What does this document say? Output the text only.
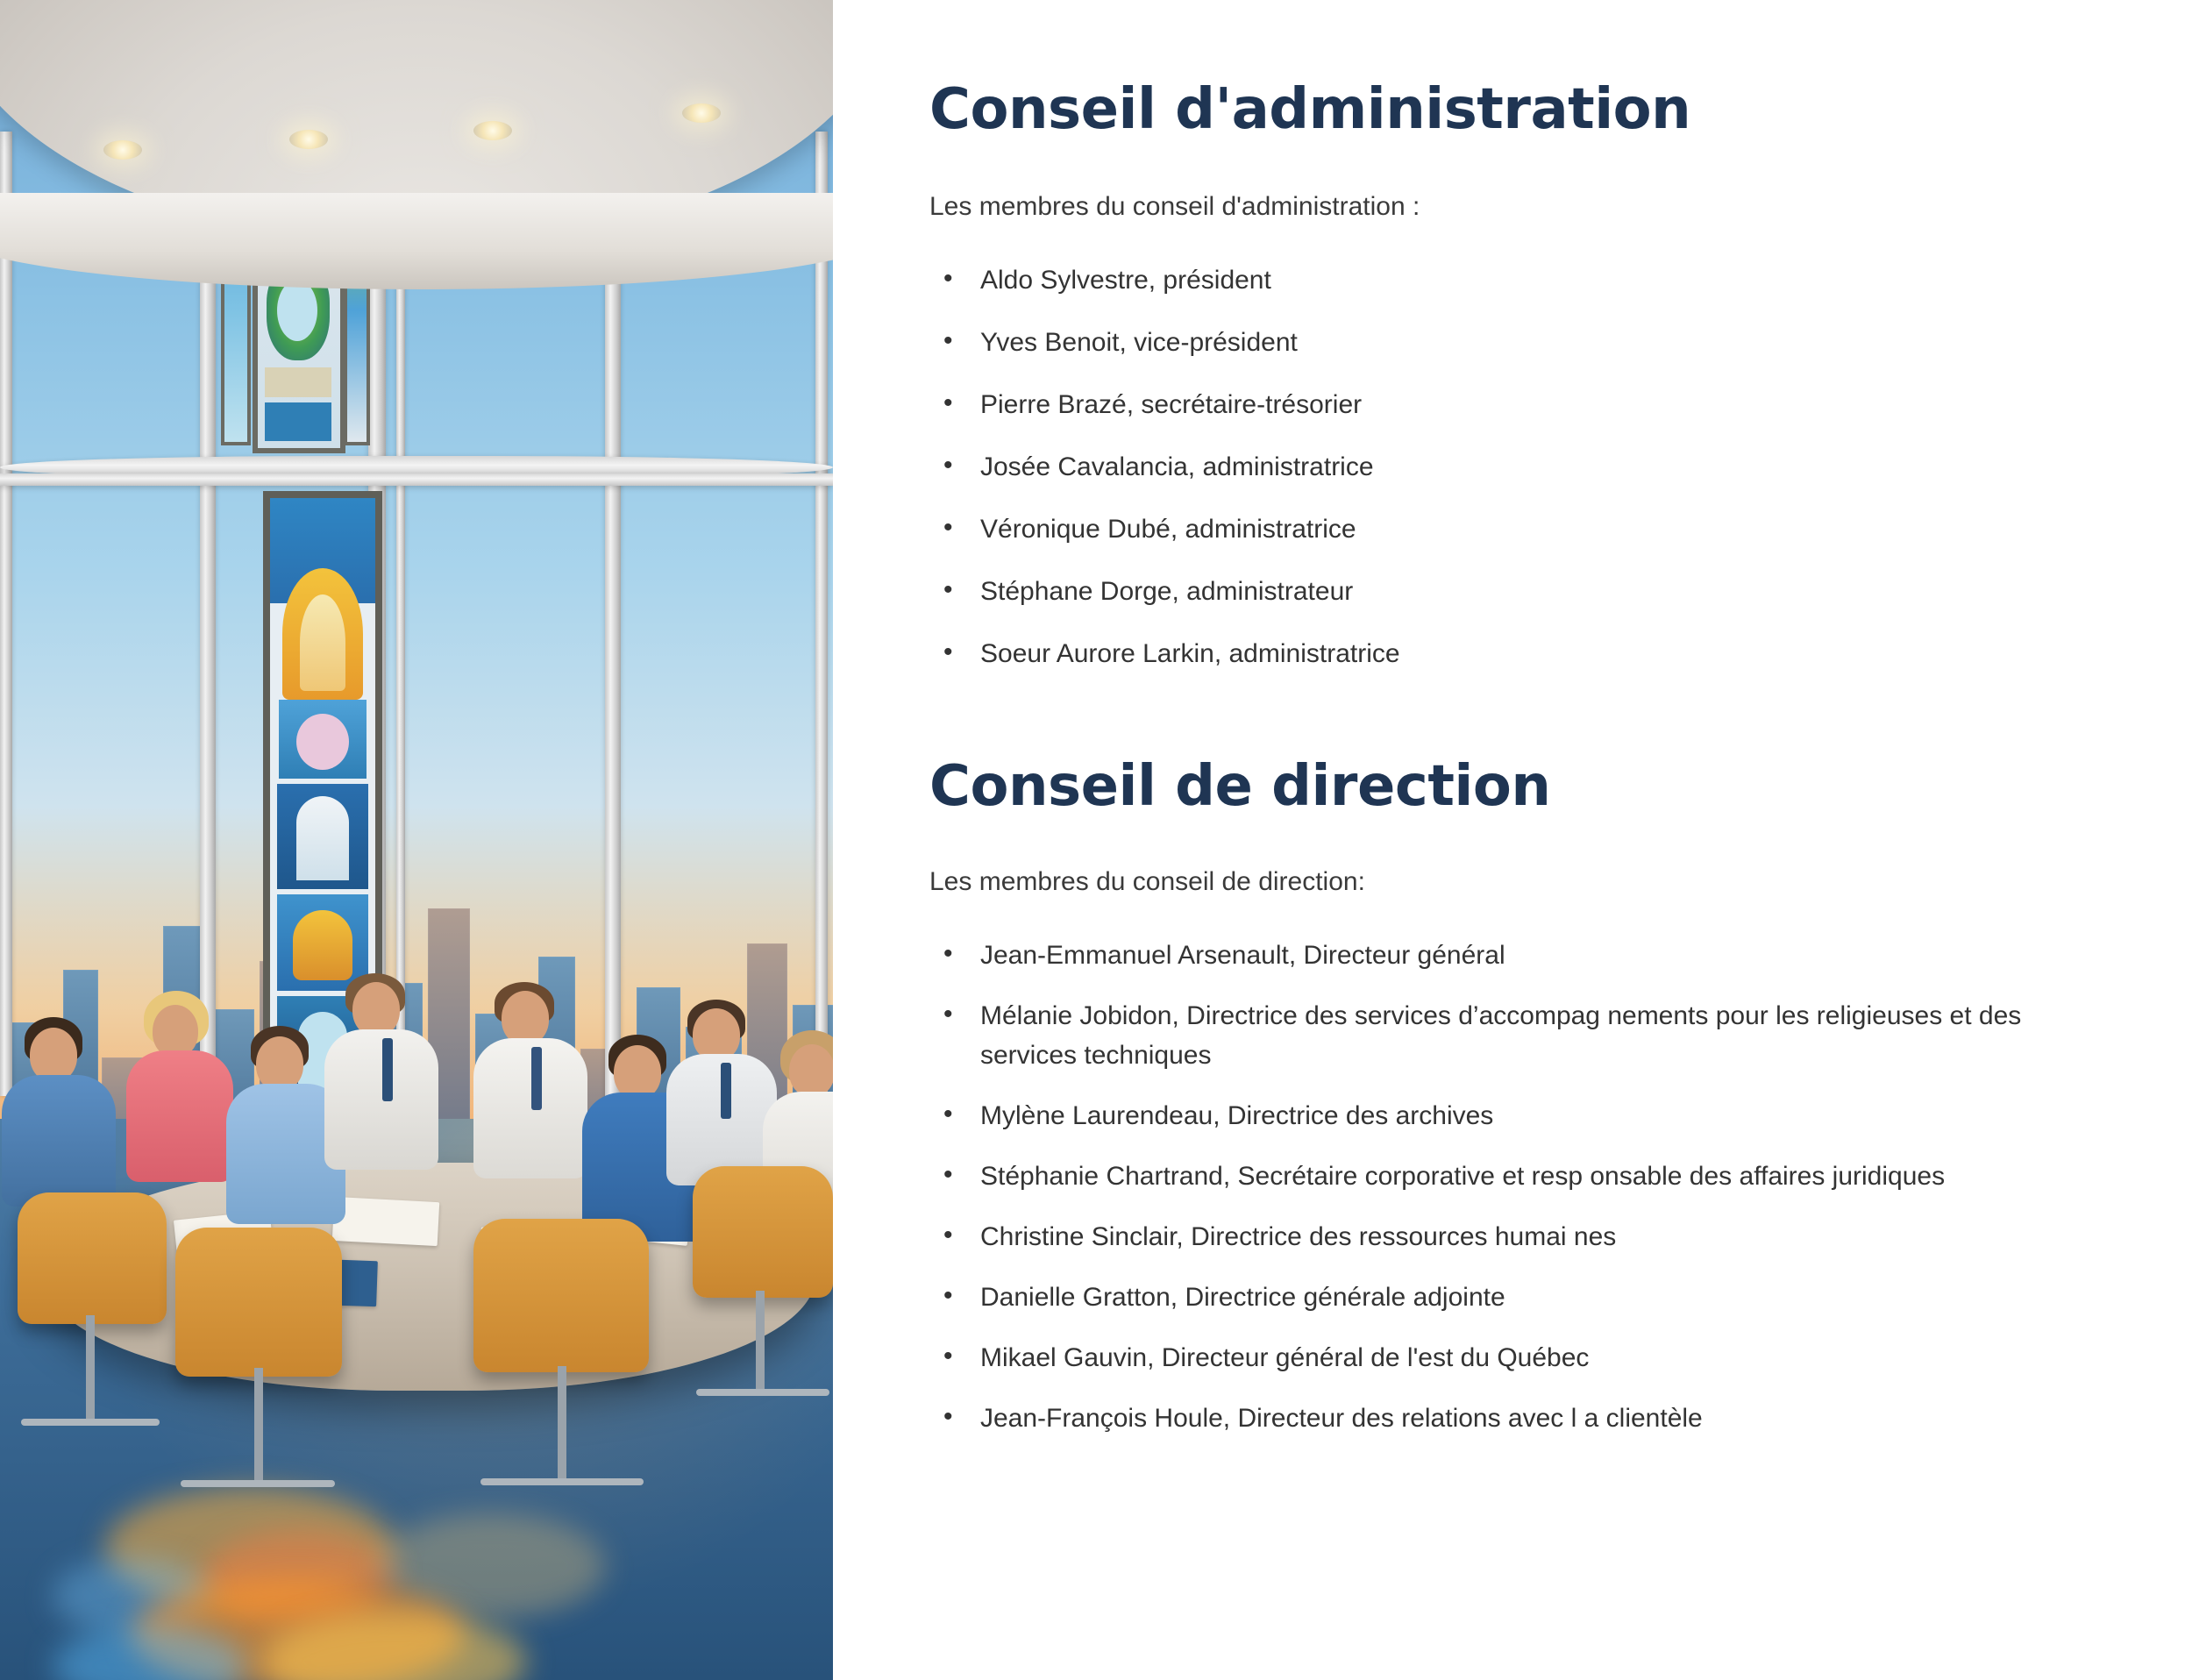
Conseil d'administration

Les membres du conseil d'administration :

• Aldo Sylvestre, président
• Yves Benoit, vice-président
• Pierre Brazé, secrétaire-trésorier
• Josée Cavalancia, administratrice
• Véronique Dubé, administratrice
• Stéphane Dorge, administrateur
• Soeur Aurore Larkin, administratrice
Conseil de direction

Les membres du conseil de direction:

• Jean-Emmanuel Arsenault, Directeur général
• Mélanie Jobidon, Directrice des services d’accompag nements pour les religieuses et des services techniques
• Mylène Laurendeau, Directrice des archives
• Stéphanie Chartrand, Secrétaire corporative et resp onsable des affaires juridiques
• Christine Sinclair, Directrice des ressources humai nes
• Danielle Gratton, Directrice générale adjointe
• Mikael Gauvin, Directeur général de l'est du Québec
• Jean-François Houle, Directeur des relations avec l a clientèle
